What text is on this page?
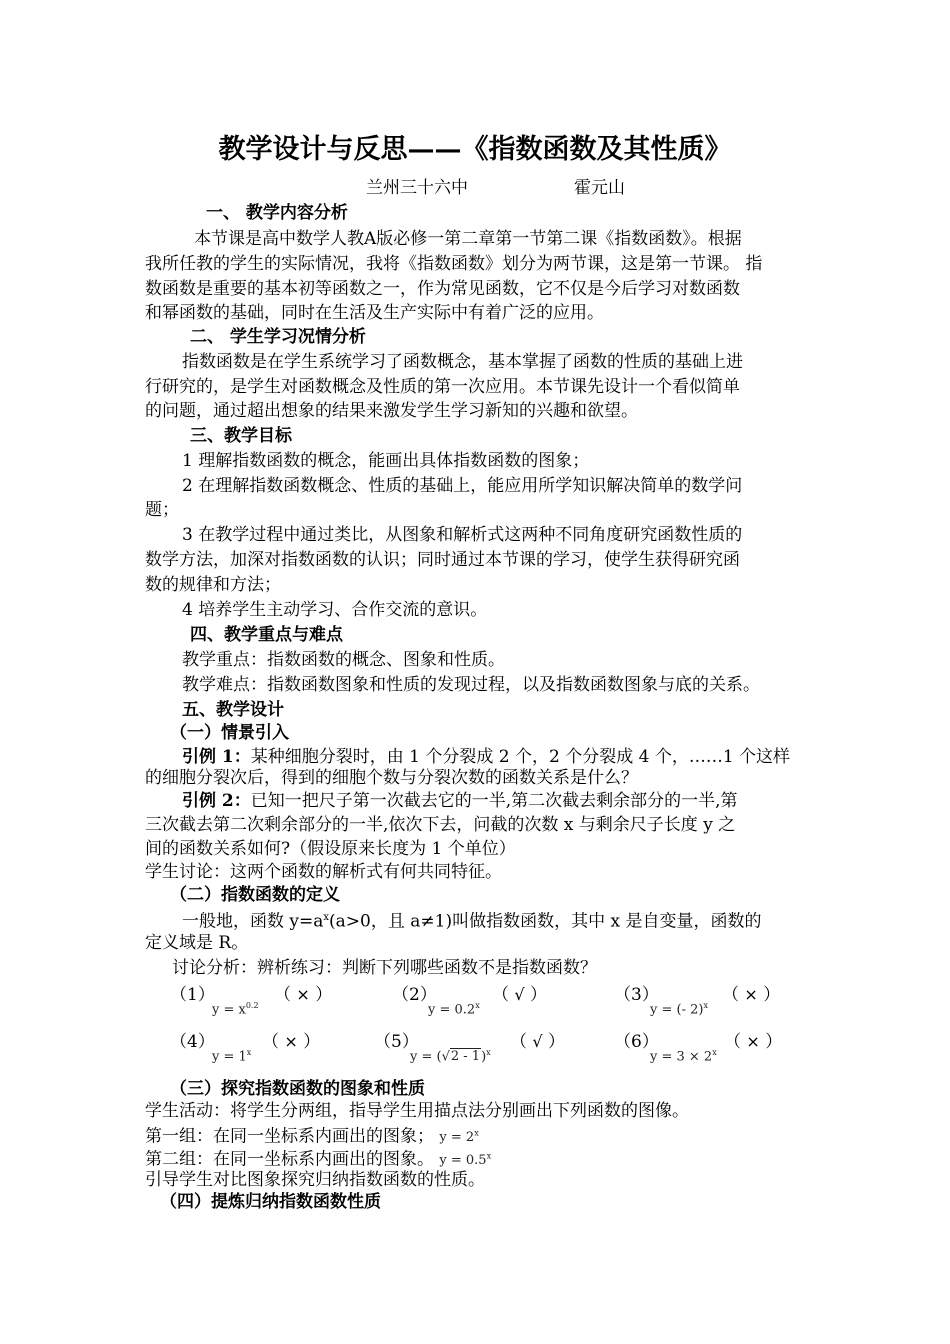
教学设计与反思——《指数函数及其性质》
兰州三十六中	霍元山
一、 教学内容分析
本节课是高中数学人教A版必修一第二章第一节第二课《指数函数》。根据
我所任教的学生的实际情况，我将《指数函数》划分为两节课，这是第一节课。 指
数函数是重要的基本初等函数之一，作为常见函数，它不仅是今后学习对数函数
和幂函数的基础，同时在生活及生产实际中有着广泛的应用。
二、 学生学习况情分析
指数函数是在学生系统学习了函数概念，基本掌握了函数的性质的基础上进
行研究的，是学生对函数概念及性质的第一次应用。本节课先设计一个看似简单
的问题，通过超出想象的结果来激发学生学习新知的兴趣和欲望。
三、教学目标
1 理解指数函数的概念，能画出具体指数函数的图象；
2 在理解指数函数概念、性质的基础上，能应用所学知识解决简单的数学问
题；
3 在教学过程中通过类比，从图象和解析式这两种不同角度研究函数性质的
数学方法，加深对指数函数的认识；同时通过本节课的学习，使学生获得研究函
数的规律和方法；
4 培养学生主动学习、合作交流的意识。
四、教学重点与难点
教学重点：指数函数的概念、图象和性质。
教学难点：指数函数图象和性质的发现过程，以及指数函数图象与底的关系。
五、教学设计
（一）情景引入
引例 1：某种细胞分裂时，由 1 个分裂成 2 个，2 个分裂成 4 个，……1 个这样
的细胞分裂次后，得到的细胞个数与分裂次数的函数关系是什么？
引例 2：已知一把尺子第一次截去它的一半,第二次截去剩余部分的一半,第
三次截去第二次剩余部分的一半,依次下去，问截的次数 x 与剩余尺子长度 y 之
间的函数关系如何?（假设原来长度为 1 个单位）
学生讨论：这两个函数的解析式有何共同特征。
（二）指数函数的定义
一般地，函数 $y=a^x(a>0$，且 a≠1)叫做指数函数，其中 x 是自变量，函数的
定义域是 R。
讨论分析：辨析练习：判断下列哪些函数不是指数函数？
（1）
$y = x^{0.2}$
（ × ）	（2）
$y = 0.2^x$
（ √ ）	（3）
y = (- 2)$^x$
（ × ）
（4）
$y = 1^x$
（ × ）	（5）
y = (√2 - 1)$^x$
（ √ ）	（6）
$y = 3 \times 2^x$
（ × ）
（三）探究指数函数的图象和性质
学生活动：将学生分两组，指导学生用描点法分别画出下列函数的图像。
第一组：在同一坐标系内画出的图象； $y = 2^x$
第二组：在同一坐标系内画出的图象。 $y = 0.5^x$
引导学生对比图象探究归纳指数函数的性质。
（四）提炼归纳指数函数性质
